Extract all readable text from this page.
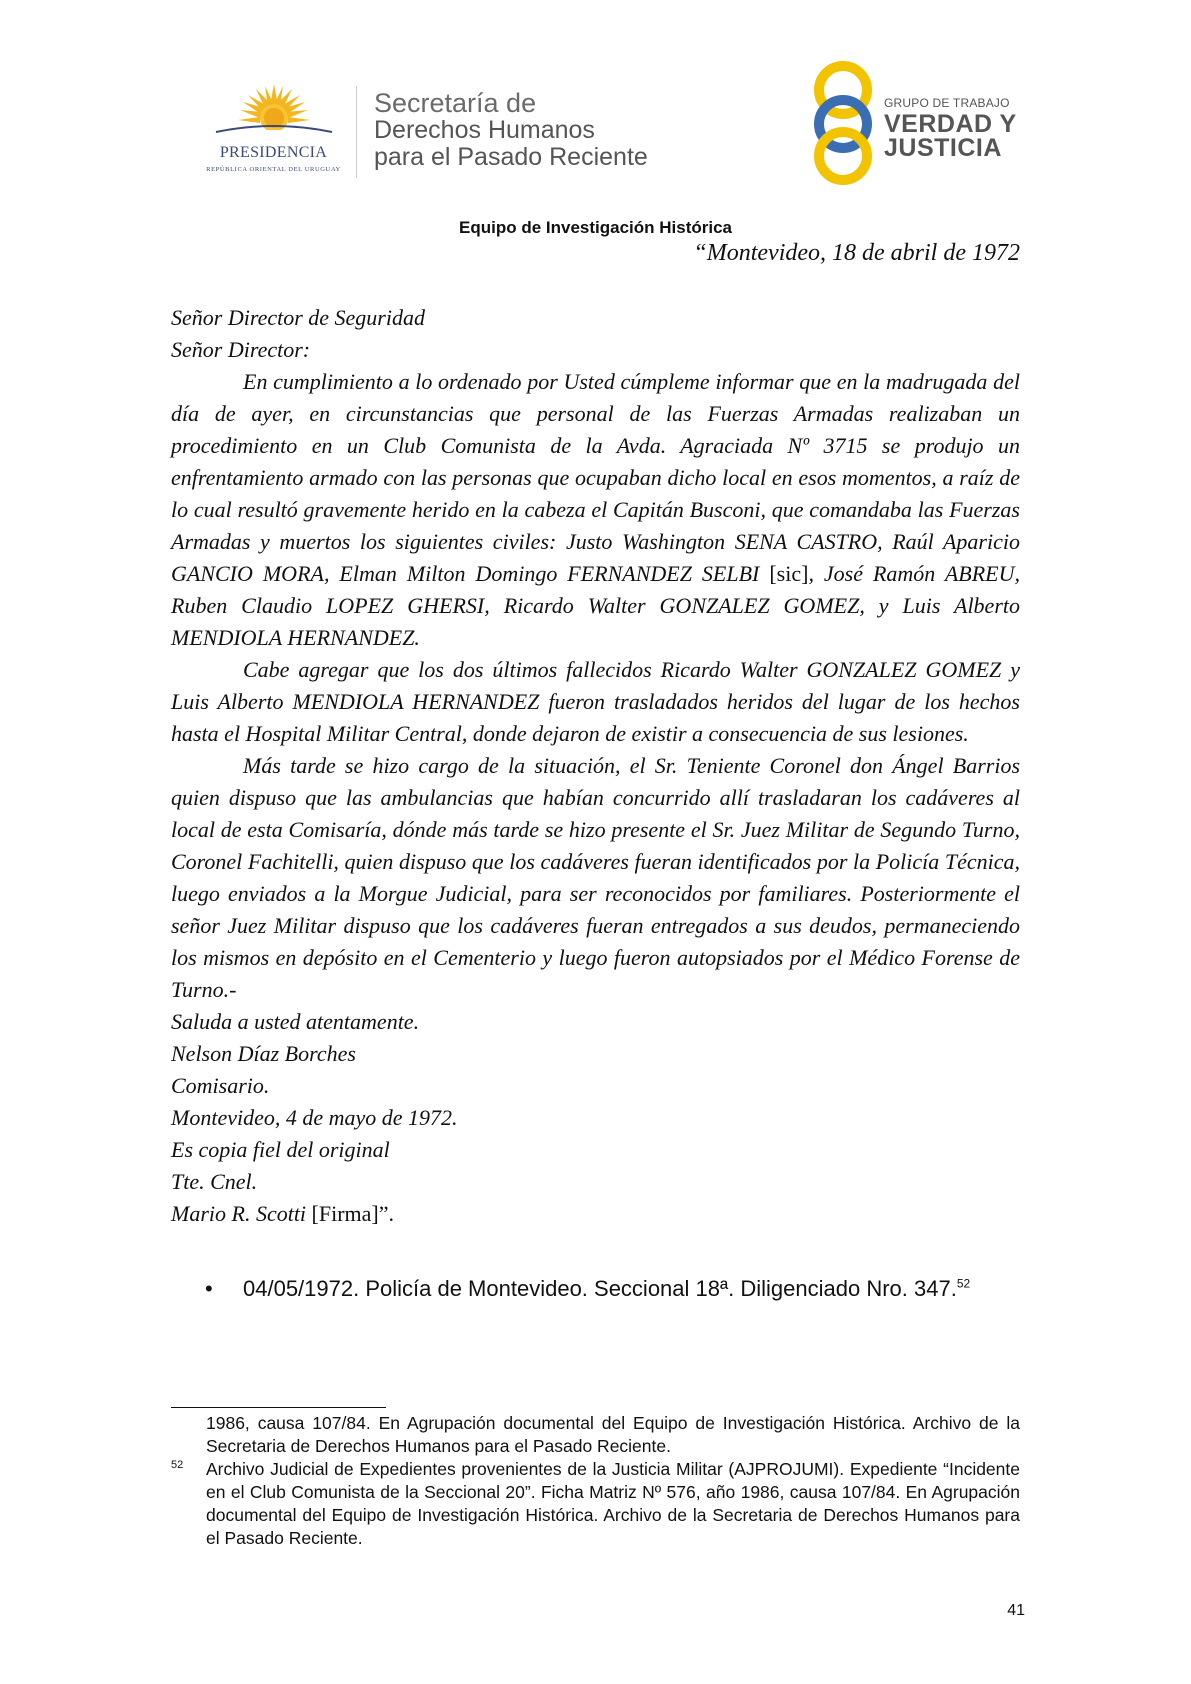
PRESIDENCIA
REPÚBLICA ORIENTAL DEL URUGUAY
Secretaría de
Derechos Humanos
para el Pasado Reciente
GRUPO DE TRABAJO
VERDAD Y
JUSTICIA
Equipo de Investigación Histórica
“Montevideo, 18 de abril de 1972

Señor Director de Seguridad

Señor Director:

En cumplimiento a lo ordenado por Usted cúmpleme informar que en la madrugada del día de ayer, en circunstancias que personal de las Fuerzas Armadas realizaban un procedimiento en un Club Comunista de la Avda. Agraciada Nº 3715 se produjo un enfrentamiento armado con las personas que ocupaban dicho local en esos momentos, a raíz de lo cual resultó gravemente herido en la cabeza el Capitán Busconi, que comandaba las Fuerzas Armadas y muertos los siguientes civiles: Justo Washington SENA CASTRO, Raúl Aparicio GANCIO MORA, Elman Milton Domingo FERNANDEZ SELBI [sic], José Ramón ABREU, Ruben Claudio LOPEZ GHERSI, Ricardo Walter GONZALEZ GOMEZ, y Luis Alberto MENDIOLA HERNANDEZ.

Cabe agregar que los dos últimos fallecidos Ricardo Walter GONZALEZ GOMEZ y Luis Alberto MENDIOLA HERNANDEZ fueron trasladados heridos del lugar de los hechos hasta el Hospital Militar Central, donde dejaron de existir a consecuencia de sus lesiones.

Más tarde se hizo cargo de la situación, el Sr. Teniente Coronel don Ángel Barrios quien dispuso que las ambulancias que habían concurrido allí trasladaran los cadáveres al local de esta Comisaría, dónde más tarde se hizo presente el Sr. Juez Militar de Segundo Turno, Coronel Fachitelli, quien dispuso que los cadáveres fueran identificados por la Policía Técnica, luego enviados a la Morgue Judicial, para ser reconocidos por familiares. Posteriormente el señor Juez Militar dispuso que los cadáveres fueran entregados a sus deudos, permaneciendo los mismos en depósito en el Cementerio y luego fueron autopsiados por el Médico Forense de Turno.-

Saluda a usted atentamente.

Nelson Díaz Borches

Comisario.

Montevideo, 4 de mayo de 1972.

Es copia fiel del original

Tte. Cnel.

Mario R. Scotti [Firma]”.

• 04/05/1972. Policía de Montevideo. Seccional 18ª. Diligenciado Nro. 347.52
1986, causa 107/84. En Agrupación documental del Equipo de Investigación Histórica. Archivo de la Secretaria de Derechos Humanos para el Pasado Reciente.
52 Archivo Judicial de Expedientes provenientes de la Justicia Militar (AJPROJUMI). Expediente “Incidente en el Club Comunista de la Seccional 20”. Ficha Matriz Nº 576, año 1986, causa 107/84. En Agrupación documental del Equipo de Investigación Histórica. Archivo de la Secretaria de Derechos Humanos para el Pasado Reciente.
41
